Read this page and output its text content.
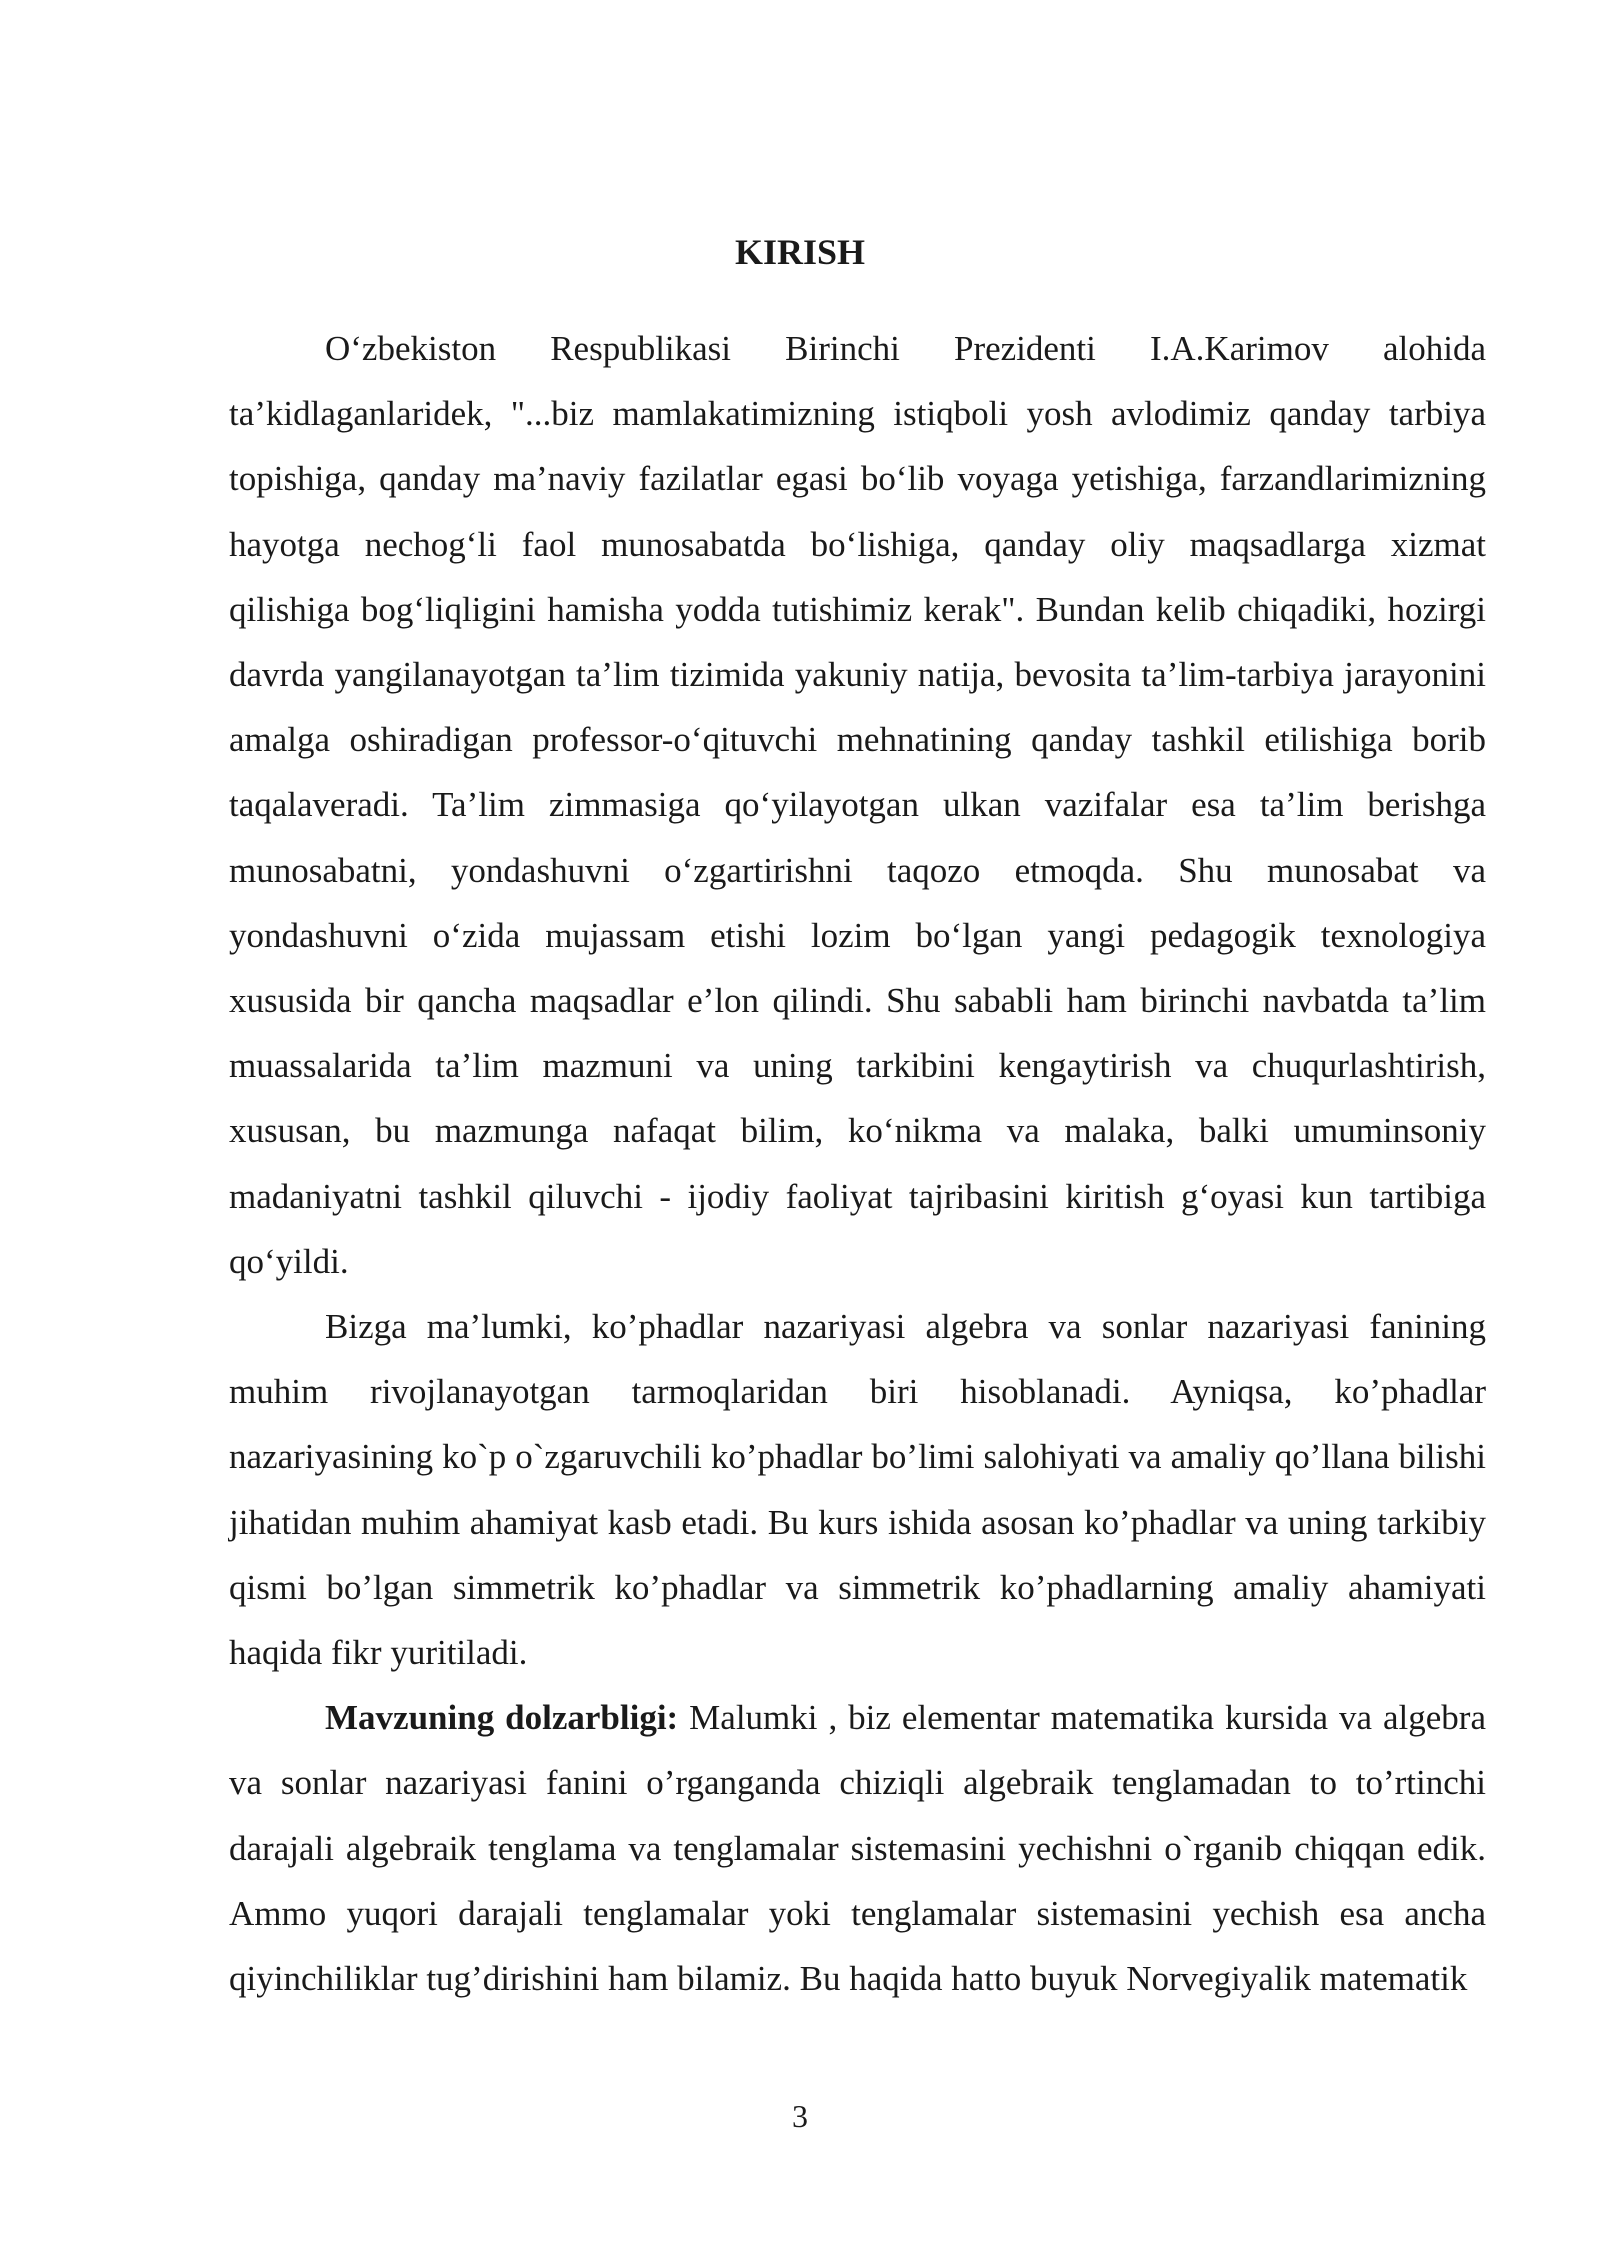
KIRISH

O‘zbekiston Respublikasi Birinchi Prezidenti I.A.Karimov alohida ta’kidlaganlaridek, "...biz mamlakatimizning istiqboli yosh avlodimiz qanday tarbiya topishiga, qanday ma’naviy fazilatlar egasi bo‘lib voyaga yetishiga, farzandlarimizning hayotga nechog‘li faol munosabatda bo‘lishiga, qanday oliy maqsadlarga xizmat qilishiga bog‘liqligini hamisha yodda tutishimiz kerak". Bundan kelib chiqadiki, hozirgi davrda yangilanayotgan ta’lim tizimida yakuniy natija, bevosita ta’lim-tarbiya jarayonini amalga oshiradigan professor-o‘qituvchi mehnatining qanday tashkil etilishiga borib taqalaveradi. Ta’lim zimmasiga qo‘yilayotgan ulkan vazifalar esa ta’lim berishga munosabatni, yondashuvni o‘zgartirishni taqozo etmoqda. Shu munosabat va yondashuvni o‘zida mujassam etishi lozim bo‘lgan yangi pedagogik texnologiya xususida bir qancha maqsadlar e’lon qilindi. Shu sababli ham birinchi navbatda ta’lim muassalarida ta’lim mazmuni va uning tarkibini kengaytirish va chuqurlashtirish, xususan, bu mazmunga nafaqat bilim, ko‘nikma va malaka, balki umuminsoniy madaniyatni tashkil qiluvchi - ijodiy faoliyat tajribasini kiritish g‘oyasi kun tartibiga qo‘yildi.

Bizga ma’lumki, ko’phadlar nazariyasi algebra va sonlar nazariyasi fanining muhim rivojlanayotgan tarmoqlaridan biri hisoblanadi. Ayniqsa, ko’phadlar nazariyasining ko`p o`zgaruvchili ko’phadlar bo’limi salohiyati va amaliy qo’llana bilishi jihatidan muhim ahamiyat kasb etadi. Bu kurs ishida asosan ko’phadlar va uning tarkibiy qismi bo’lgan simmetrik ko’phadlar va simmetrik ko’phadlarning amaliy ahamiyati haqida fikr yuritiladi.

Mavzuning dolzarbligi: Malumki , biz elementar matematika kursida va algebra va sonlar nazariyasi fanini o’rganganda chiziqli algebraik tenglamadan to to’rtinchi darajali algebraik tenglama va tenglamalar sistemasini yechishni o`rganib chiqqan edik. Ammo yuqori darajali tenglamalar yoki tenglamalar sistemasini yechish esa ancha qiyinchiliklar tug’dirishini ham bilamiz. Bu haqida hatto buyuk Norvegiyalik matematik

3
